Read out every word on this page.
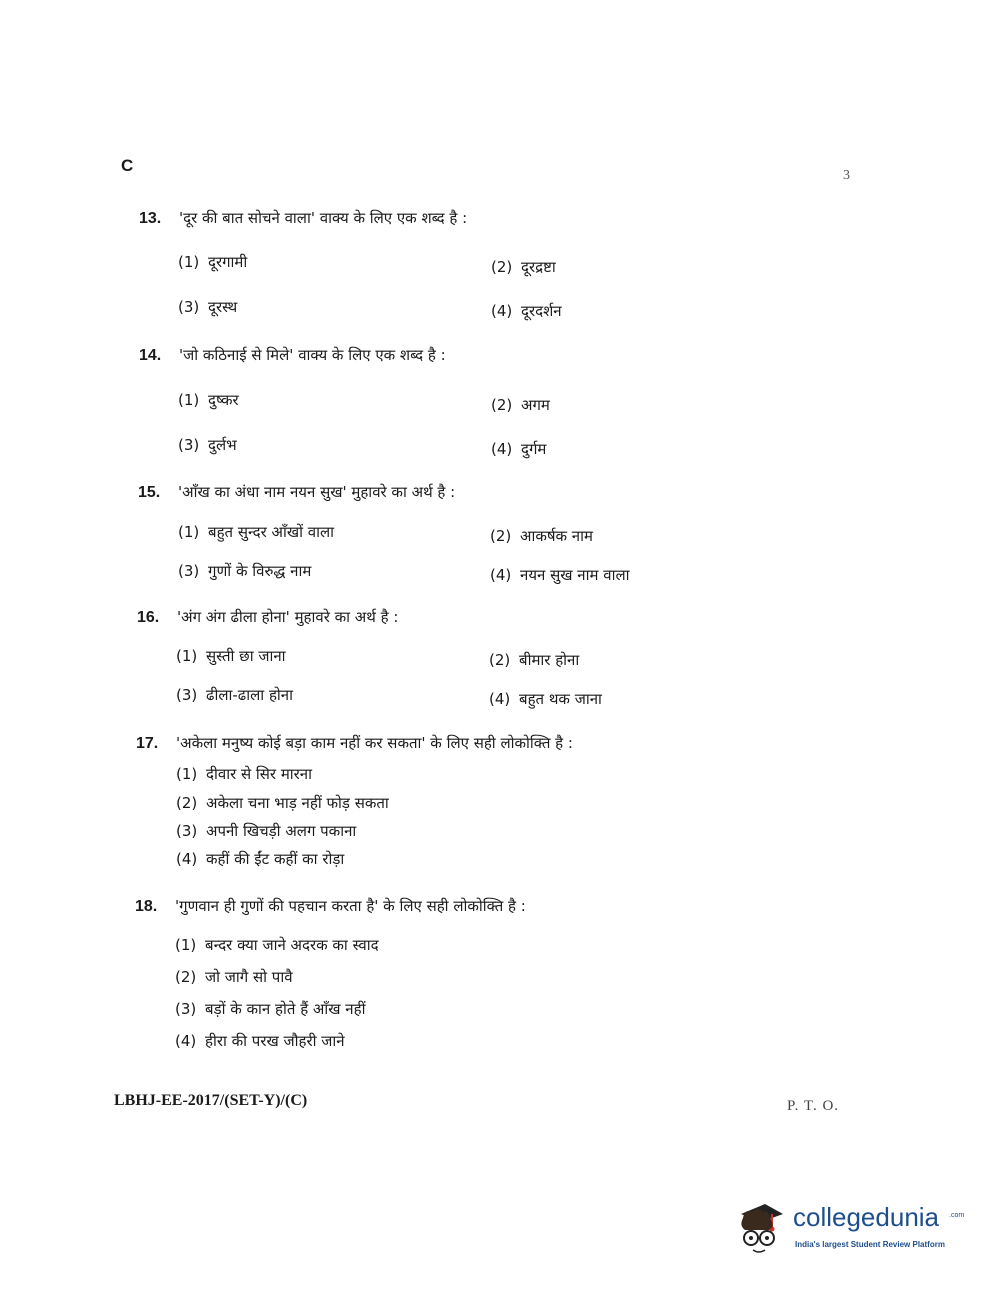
C
3
13. 'दूर की बात सोचने वाला' वाक्य के लिए एक शब्द है :
(1) दूरगामी	(2) दूरद्रष्टा
(3) दूरस्थ	(4) दूरदर्शन
14. 'जो कठिनाई से मिले' वाक्य के लिए एक शब्द है :
(1) दुष्कर	(2) अगम
(3) दुर्लभ	(4) दुर्गम
15. 'आँख का अंधा नाम नयन सुख' मुहावरे का अर्थ है :
(1) बहुत सुन्दर आँखों वाला	(2) आकर्षक नाम
(3) गुणों के विरुद्ध नाम	(4) नयन सुख नाम वाला
16. 'अंग अंग ढीला होना' मुहावरे का अर्थ है :
(1) सुस्ती छा जाना	(2) बीमार होना
(3) ढीला-ढाला होना	(4) बहुत थक जाना
17. 'अकेला मनुष्य कोई बड़ा काम नहीं कर सकता' के लिए सही लोकोक्ति है :
(1) दीवार से सिर मारना
(2) अकेला चना भाड़ नहीं फोड़ सकता
(3) अपनी खिचड़ी अलग पकाना
(4) कहीं की ईंट कहीं का रोड़ा
18. 'गुणवान ही गुणों की पहचान करता है' के लिए सही लोकोक्ति है :
(1) बन्दर क्या जाने अदरक का स्वाद
(2) जो जागै सो पावै
(3) बड़ों के कान होते हैं आँख नहीं
(4) हीरा की परख जौहरी जाने
LBHJ-EE-2017/(SET-Y)/(C)	P. T. O.
collegedunia .com
India's largest Student Review Platform
